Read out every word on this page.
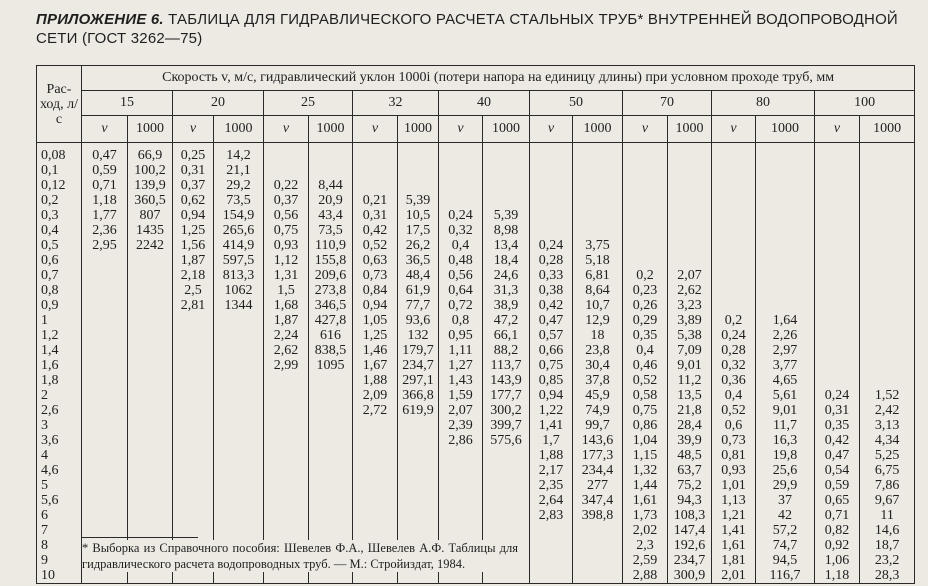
ПРИЛОЖЕНИЕ 6. ТАБЛИЦА ДЛЯ ГИДРАВЛИЧЕСКОГО РАСЧЕТА СТАЛЬНЫХ ТРУБ* ВНУТРЕННЕЙ ВОДОПРОВОДНОЙ СЕТИ (ГОСТ 3262—75)
Рас-ход, л/с	Скорость v, м/с, гидравлический уклон 1000i (потери напора на единицу длины) при условном проходе труб, мм																	
	15		20		25		32		40		50		70		80		100	
	v	1000	v	1000	v	1000	v	1000	v	1000	v	1000	v	1000	v	1000	v	1000
0,08	0,47	66,9	0,25	14,2														
0,1	0,59	100,2	0,31	21,1														
0,12	0,71	139,9	0,37	29,2	0,22	8,44												
0,2	1,18	360,5	0,62	73,5	0,37	20,9	0,21	5,39										
0,3	1,77	807	0,94	154,9	0,56	43,4	0,31	10,5	0,24	5,39								
0,4	2,36	1435	1,25	265,6	0,75	73,5	0,42	17,5	0,32	8,98								
0,5	2,95	2242	1,56	414,9	0,93	110,9	0,52	26,2	0,4	13,4	0,24	3,75						
0,6			1,87	597,5	1,12	155,8	0,63	36,5	0,48	18,4	0,28	5,18						
0,7			2,18	813,3	1,31	209,6	0,73	48,4	0,56	24,6	0,33	6,81	0,2	2,07				
0,8			2,5	1062	1,5	273,8	0,84	61,9	0,64	31,3	0,38	8,64	0,23	2,62				
0,9			2,81	1344	1,68	346,5	0,94	77,7	0,72	38,9	0,42	10,7	0,26	3,23				
1					1,87	427,8	1,05	93,6	0,8	47,2	0,47	12,9	0,29	3,89	0,2	1,64		
1,2					2,24	616	1,25	132	0,95	66,1	0,57	18	0,35	5,38	0,24	2,26		
1,4					2,62	838,5	1,46	179,7	1,11	88,2	0,66	23,8	0,4	7,09	0,28	2,97		
1,6					2,99	1095	1,67	234,7	1,27	113,7	0,75	30,4	0,46	9,01	0,32	3,77		
1,8							1,88	297,1	1,43	143,9	0,85	37,8	0,52	11,2	0,36	4,65		
2							2,09	366,8	1,59	177,7	0,94	45,9	0,58	13,5	0,4	5,61	0,24	1,52
2,6							2,72	619,9	2,07	300,2	1,22	74,9	0,75	21,8	0,52	9,01	0,31	2,42
3									2,39	399,7	1,41	99,7	0,86	28,4	0,6	11,7	0,35	3,13
3,6									2,86	575,6	1,7	143,6	1,04	39,9	0,73	16,3	0,42	4,34
4											1,88	177,3	1,15	48,5	0,81	19,8	0,47	5,25
4,6											2,17	234,4	1,32	63,7	0,93	25,6	0,54	6,75
5											2,35	277	1,44	75,2	1,01	29,9	0,59	7,86
5,6											2,64	347,4	1,61	94,3	1,13	37	0,65	9,67
6											2,83	398,8	1,73	108,3	1,21	42	0,71	11
7													2,02	147,4	1,41	57,2	0,82	14,6
8													2,3	192,6	1,61	74,7	0,92	18,7
9													2,59	234,7	1,81	94,5	1,06	23,2
10													2,88	300,9	2,01	116,7	1,18	28,3
* Выборка из Справочного пособия: Шевелев Ф.А., Шевелев А.Ф. Таблицы для гидравлического расчета водопроводных труб. — М.: Стройиздат, 1984.
